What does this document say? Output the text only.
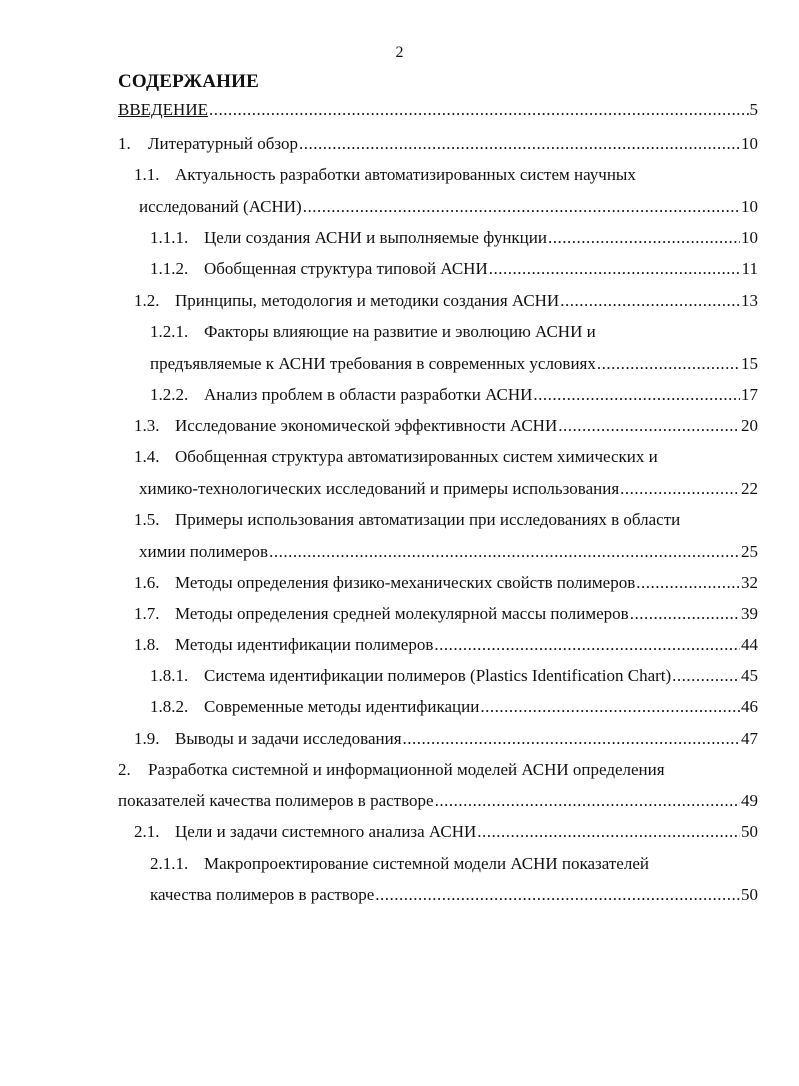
2
СОДЕРЖАНИЕ
ВВЕДЕНИЕ .....	5
1.	Литературный обзор .....	10
1.1. Актуальность разработки автоматизированных систем научных
исследований (АСНИ) .....	10
1.1.1. Цели создания АСНИ и выполняемые функции .....	10
1.1.2. Обобщенная структура типовой АСНИ .....	11
1.2. Принципы, методология и методики создания АСНИ .....	13
1.2.1. Факторы влияющие на развитие и эволюцию АСНИ и
предъявляемые к АСНИ требования в современных условиях .....	15
1.2.2. Анализ проблем в области разработки АСНИ .....	17
1.3. Исследование экономической эффективности АСНИ .....	20
1.4. Обобщенная структура автоматизированных систем химических и
химико-технологических исследований и примеры использования .....	22
1.5. Примеры использования автоматизации при исследованиях в области
химии полимеров .....	25
1.6. Методы определения физико-механических свойств полимеров .....	32
1.7. Методы определения средней молекулярной массы полимеров .....	39
1.8. Методы идентификации полимеров .....	44
1.8.1. Система идентификации полимеров (Plastics Identification Chart) .....	45
1.8.2. Современные методы идентификации .....	46
1.9. Выводы и задачи исследования .....	47
2.	Разработка системной и информационной моделей АСНИ определения
показателей качества полимеров в растворе .....	49
2.1. Цели и задачи системного анализа АСНИ .....	50
2.1.1. Макропроектирование системной модели АСНИ показателей
качества полимеров в растворе .....	50
